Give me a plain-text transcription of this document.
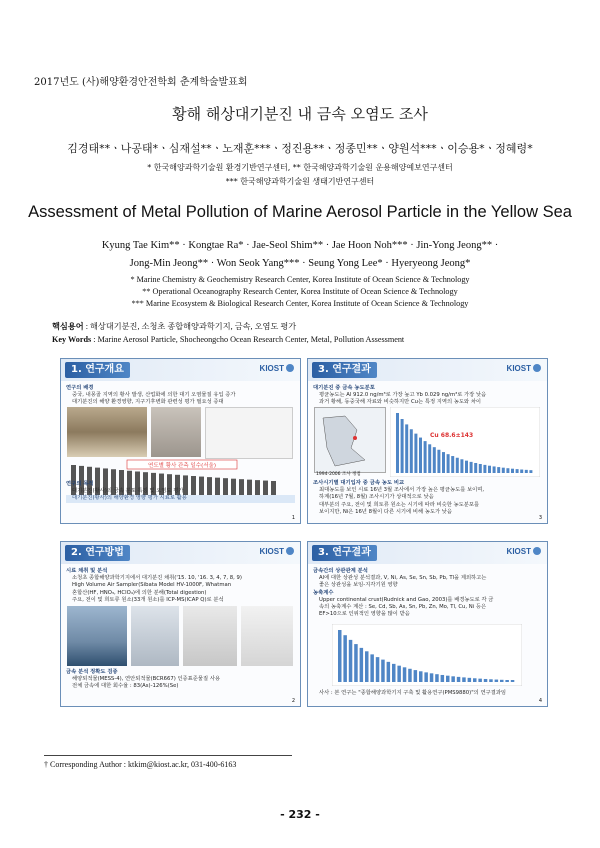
2017년도 (사)해양환경안전학회 춘계학술발표회
황해 해상대기분진 내 금속 오염도 조사
김경태**ㆍ나공태*ㆍ심재설**ㆍ노재훈***ㆍ정진용**ㆍ정종민**ㆍ양원석***ㆍ이승용*ㆍ정혜령*
* 한국해양과학기술원 환경기반연구센터, ** 한국해양과학기술원 운용해양예보연구센터
*** 한국해양과학기술원 생태기반연구센터
Assessment of Metal Pollution of Marine Aerosol Particle in the Yellow Sea
Kyung Tae Kim** · Kongtae Ra* · Jae-Seol Shim** · Jae Hoon Noh*** · Jin-Yong Jeong** ·
Jong-Min Jeong** · Won Seok Yang*** · Seung Yong Lee* · Hyeryeong Jeong*
* Marine Chemistry & Geochemistry Research Center, Korea Institute of Ocean Science & Technology
** Operational Oceanography Research Center, Korea Institute of Ocean Science & Technology
*** Marine Ecosystem & Biological Research Center, Korea Institute of Ocean Science & Technology
핵심용어 : 해상대기분진, 소청초 종합해양과학기지, 금속, 오염도 평가
Key Words : Marine Aerosol Particle, Shocheongcho Ocean Research Center, Metal, Pollution Assessment
1. 연구개요	KIOST
연구의 배경
중국, 내몽골 지역의 황사 발생, 산업화에 의한 대기 오염물질 유입 증가
대기분진의 해양 환경영향, 지구기후변화 관련성 평가 필요성 증대
연도별 황사 관측 일수(서울)
연구의 목적
대기분진(황사)의 금속 분포 특징 및 오염도 평가
대기분진(황사)의 해양환경 영향 평가 시료로 활용
1
3. 연구결과	KIOST
대기분진 중 금속 농도분포
평균농도는 Al 912.0 ng/m³로 가장 높고 Yb 0.029 ng/m³로 가장 낮음
과거 황해, 동중국해 자료와 비슷하지만 Cu는 특정 지역의 농도와 차이
1994-2006 조사 정점
Cu 68.6±143
조사시기별 대기입자 중 금속 농도 비교
최대농도를 보인 시료 16년 3월 조사에서 가장 높은 평균농도를 보이며,
하계(16년 7월, 8월) 조사시기가 상대적으로 낮음
대부분의 주요, 전이 및 희토류 원소는 시기에 따라 비슷한 농도분포를
보이지만, Ni은 16년 8월이 다른 시기에 비해 농도가 낮음
3
2. 연구방법	KIOST
시료 채취 및 분석
소청초 종합해양과학기지에서 대기분진 채취('15. 10, '16. 3, 4, 7, 8, 9)
High Volume Air Sampler(Sibata Model HV-1000F, Whatman
혼합산(HF, HNO₃, HClO₄)에 의한 분해(Total digestion)
주요, 전이 및 희토류 원소(33개 원소)를 ICP-MS(ICAP Q)로 분석
금속 분석 정확도 검증
해양퇴적물(MESS-4), 연안퇴적물(BCR667) 인증표준물질 사용
전체 금속에 대한 회수율 : 83(As)-126%(Se)
2
3. 연구결과	KIOST
금속간의 상관관계 분석
Al에 대한 상관성 분석결과, V, Ni, As, Se, Sn, Sb, Pb, Tl을 제외하고는
좋은 상관성을 보임-지각기원 영향
농축계수
Upper continental crust(Rudnick and Gao, 2003)를 배경농도로 각 금
속의 농축계수 계산 : Se, Cd, Sb, As, Sn, Pb, Zn, Mo, Tl, Cu, Ni 등은
EF>10으로 인위적인 영향을 많이 받음
사사 : 본 연구는 "종합해양과학기지 구축 및 활용연구(PMS9880)"의 연구결과임
4
† Corresponding Author : ktkim@kiost.ac.kr, 031-400-6163
- 232 -
